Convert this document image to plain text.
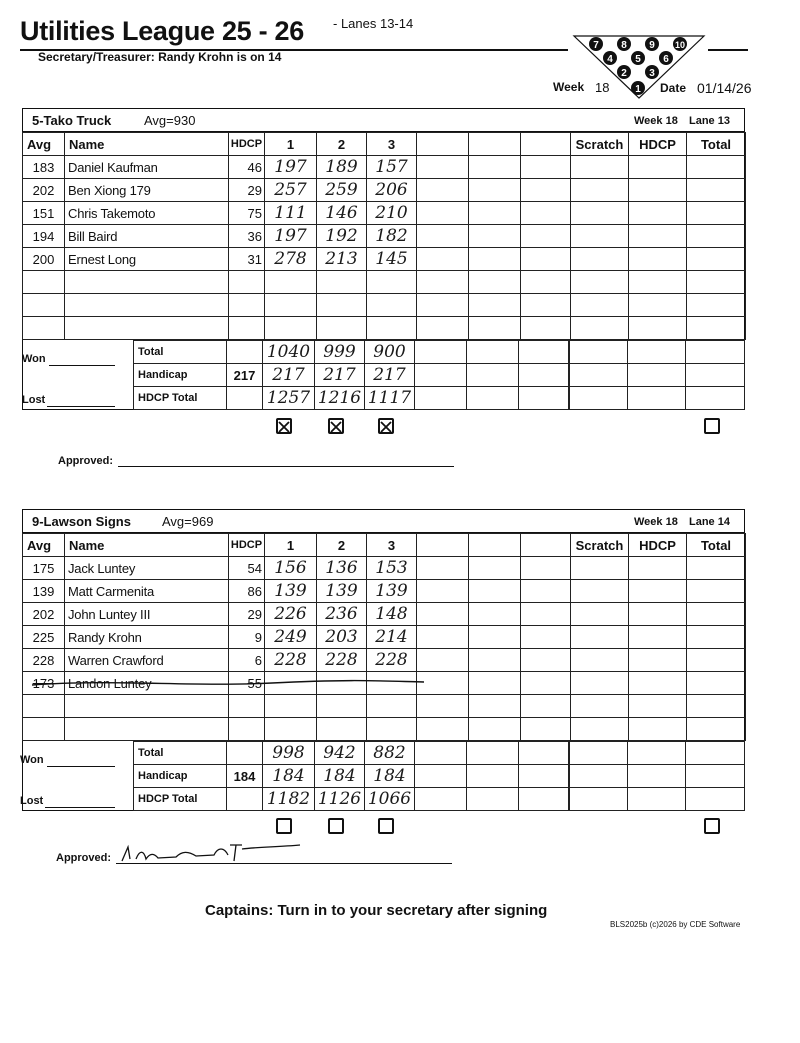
Utilities League 25 - 26 - Lanes 13-14
Secretary/Treasurer: Randy Krohn is on 14
7 8 9 10
4 5 6
2 3
1
Week 18	Date 01/14/26
5-Tako Truck	Avg=930	Week 18 Lane 13
Avg	Name	HDCP	1	2	3				Scratch	HDCP	Total
183	Daniel Kaufman	46	197	189	157						
202	Ben Xiong 179	29	257	259	206						
151	Chris Takemoto	75	111	146	210						
194	Bill Baird	36	197	192	182						
200	Ernest Long	31	278	213	145						

Won
Lost
Total		1040	999	900			
Handicap	217	217	217	217			
HDCP Total		1257	1216	1117			

Approved:
9-Lawson Signs Avg=969	Week 18 Lane 14
Avg	Name	HDCP	1	2	3				Scratch	HDCP	Total
175	Jack Luntey	54	156	136	153						
139	Matt Carmenita	86	139	139	139						
202	John Luntey III	29	226	236	148						
225	Randy Krohn	9	249	203	214						
228	Warren Crawford	6	228	228	228						
173	Landon Luntey	55									

Won
Lost
Total		998	942	882			
Handicap	184	184	184	184			
HDCP Total		1182	1126	1066			

Approved:
Captains: Turn in to your secretary after signing
BLS2025b (c)2026 by CDE Software
